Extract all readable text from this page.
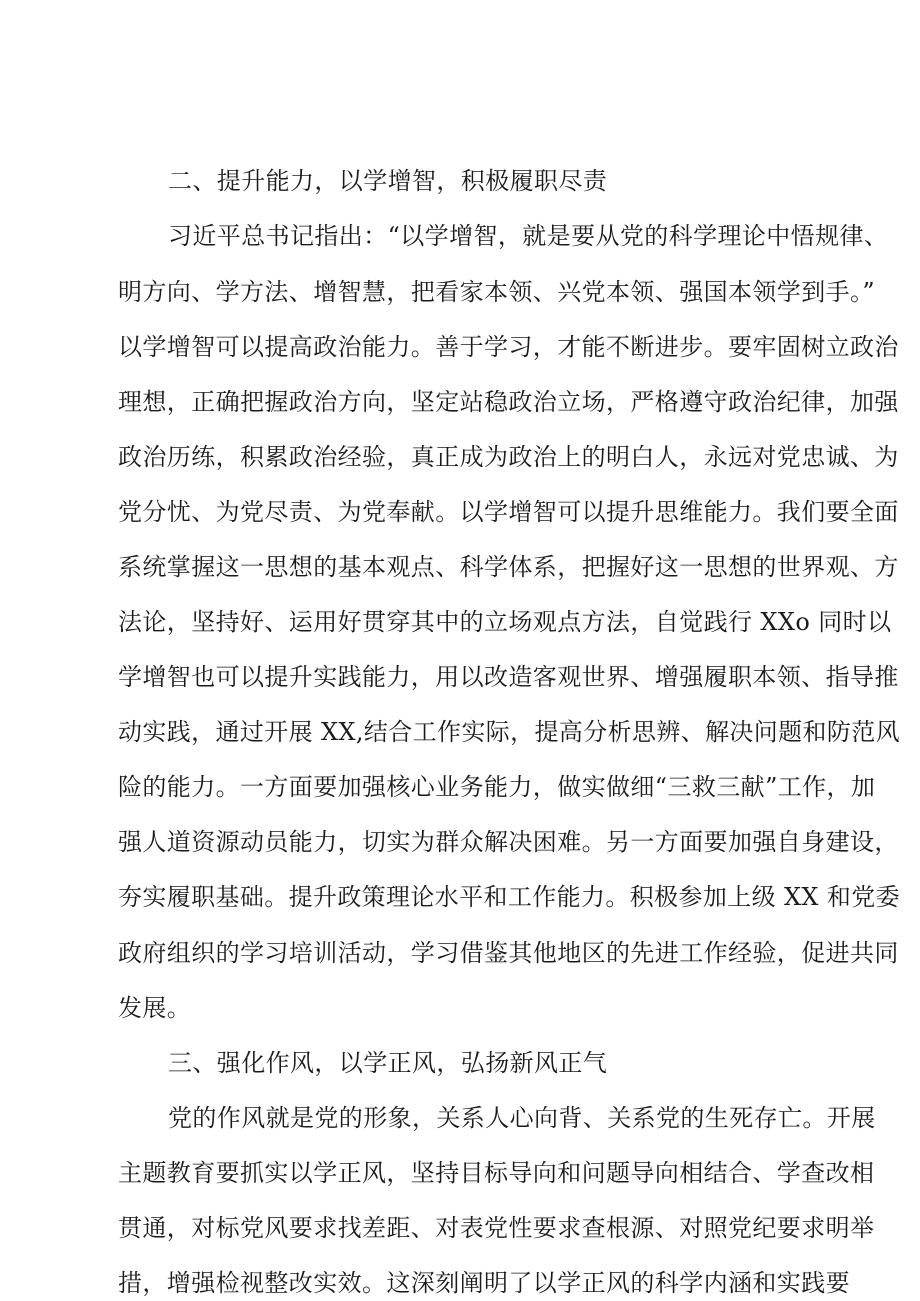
二、提升能力，以学增智，积极履职尽责

习近平总书记指出：“以学增智，就是要从党的科学理论中悟规律、

明方向、学方法、增智慧，把看家本领、兴党本领、强国本领学到手。”

以学增智可以提高政治能力。善于学习，才能不断进步。要牢固树立政治

理想，正确把握政治方向，坚定站稳政治立场，严格遵守政治纪律，加强

政治历练，积累政治经验，真正成为政治上的明白人，永远对党忠诚、为

党分忧、为党尽责、为党奉献。以学增智可以提升思维能力。我们要全面

系统掌握这一思想的基本观点、科学体系，把握好这一思想的世界观、方

法论，坚持好、运用好贯穿其中的立场观点方法，自觉践行 XXo 同时以

学增智也可以提升实践能力，用以改造客观世界、增强履职本领、指导推

动实践，通过开展 XX,结合工作实际，提高分析思辨、解决问题和防范风

险的能力。一方面要加强核心业务能力，做实做细“三救三献”工作，加

强人道资源动员能力，切实为群众解决困难。另一方面要加强自身建设，

夯实履职基础。提升政策理论水平和工作能力。积极参加上级 XX 和党委

政府组织的学习培训活动，学习借鉴其他地区的先进工作经验，促进共同

发展。

三、强化作风，以学正风，弘扬新风正气

党的作风就是党的形象，关系人心向背、关系党的生死存亡。开展

主题教育要抓实以学正风，坚持目标导向和问题导向相结合、学查改相

贯通，对标党风要求找差距、对表党性要求查根源、对照党纪要求明举

措，增强检视整改实效。这深刻阐明了以学正风的科学内涵和实践要
